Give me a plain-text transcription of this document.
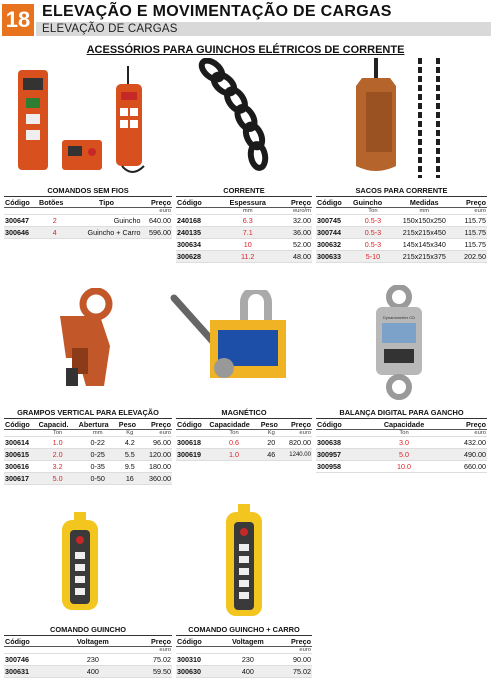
18 ELEVAÇÃO E MOVIMENTAÇÃO DE CARGAS
ELEVAÇÃO DE CARGAS
ACESSÓRIOS PARA GUINCHOS ELÉTRICOS DE CORRENTE
COMANDOS SEM FIOS
Código	Botões	Tipo	Preço
			euro
300647	2	Guincho	640.00
300646	4	Guincho + Carro	596.00
CORRENTE
Código	Espessura	Preço
	mm	euro/m
240168	6.3	32.00
240135	7.1	36.00
300634	10	52.00
300628	11.2	48.00
SACOS PARA CORRENTE
Código	Guincho	Medidas	Preço
	Ton	mm	euro
300745	0.5-3	150x150x250	115.75
300744	0.5-3	215x215x450	115.75
300632	0.5-3	145x145x340	115.75
300633	5-10	215x215x375	202.50
Dynamometer CD
GRAMPOS VERTICAL PARA ELEVAÇÃO
Código	Capacid.	Abertura	Peso	Preço
	Ton	mm	Kg	euro
300614	1.0	0-22	4.2	96.00
300615	2.0	0-25	5.5	120.00
300616	3.2	0-35	9.5	180.00
300617	5.0	0-50	16	360.00
MAGNÉTICO
Código	Capacidade	Peso	Preço
	Ton	Kg	euro
300618	0.6	20	820.00
300619	1.0	46	1240.00
BALANÇA DIGITAL PARA GANCHO
Código	Capacidade	Preço
	Ton	euro
300638	3.0	432.00
300957	5.0	490.00
300958	10.0	660.00
COMANDO GUINCHO
Código	Voltagem	Preço
		euro
300746	230	75.02
300631	400	59.50
COMANDO GUINCHO + CARRO
Código	Voltagem	Preço
		euro
300310	230	90.00
300630	400	75.02
